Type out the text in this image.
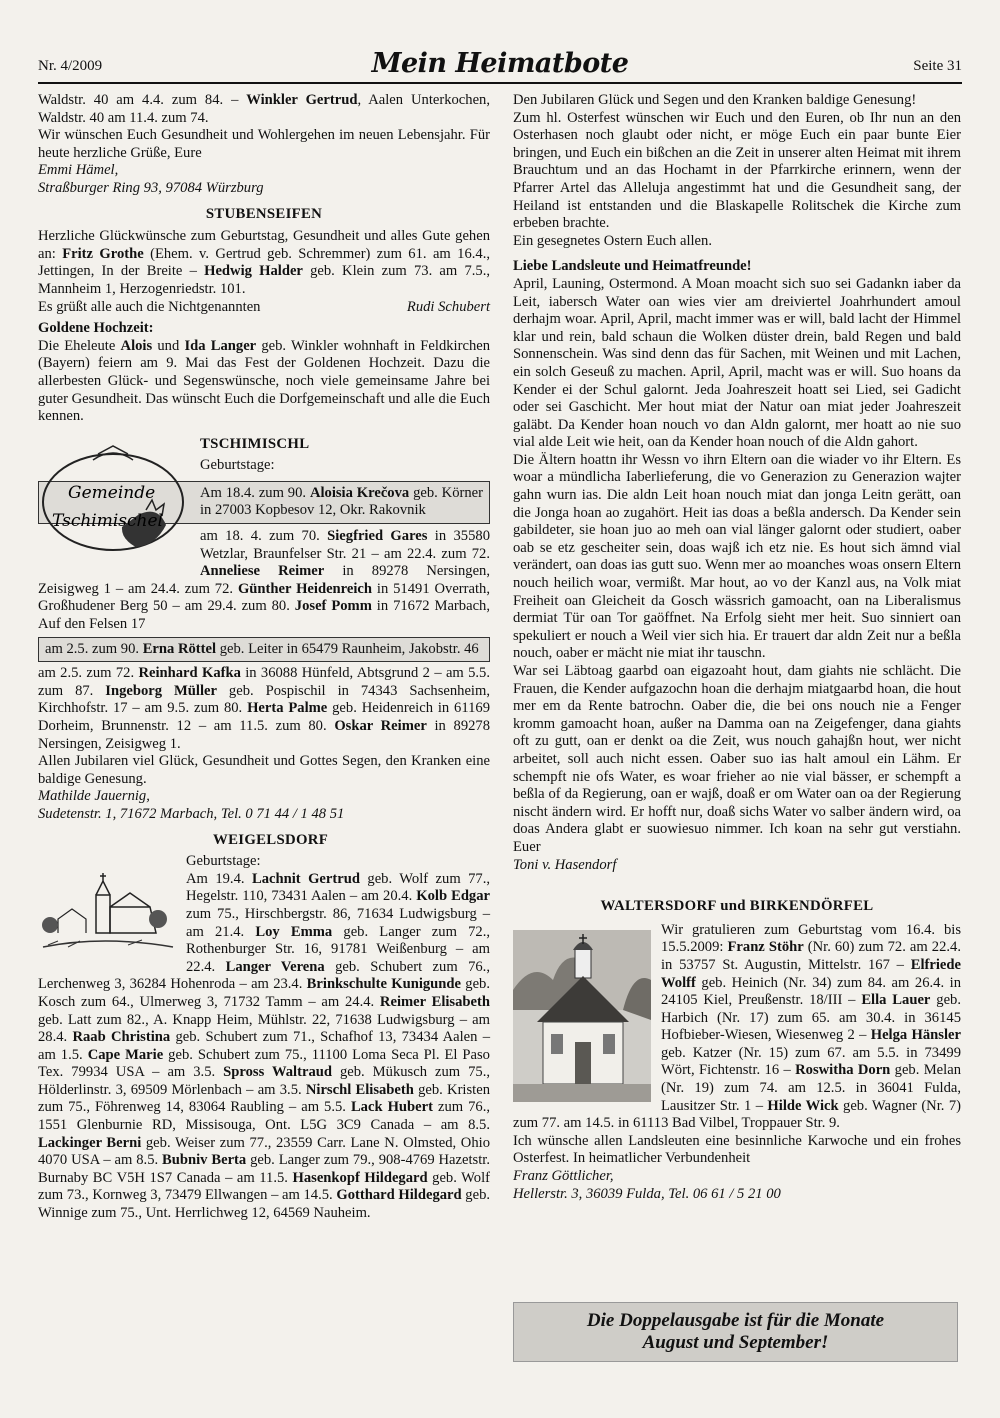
Nr. 4/2009	Mein Heimatbote	Seite 31

Waldstr. 40 am 4.4. zum 84. – Winkler Gertrud, Aalen Unterkochen, Waldstr. 40 am 11.4. zum 74.

Wir wünschen Euch Gesundheit und Wohlergehen im neuen Lebensjahr. Für heute herzliche Grüße, Eure

Emmi Hämel,

Straßburger Ring 93, 97084 Würzburg

STUBENSEIFEN

Herzliche Glückwünsche zum Geburtstag, Gesundheit und alles Gute gehen an: Fritz Grothe (Ehem. v. Gertrud geb. Schremmer) zum 61. am 16.4., Jettingen, In der Breite – Hedwig Halder geb. Klein zum 73. am 7.5., Mannheim 1, Herzogenriedstr. 101.

Es grüßt alle auch die Nichtgenannten	Rudi Schubert

Goldene Hochzeit:

Die Eheleute Alois und Ida Langer geb. Winkler wohnhaft in Feldkirchen (Bayern) feiern am 9. Mai das Fest der Goldenen Hochzeit. Dazu die allerbesten Glück- und Segenswünsche, noch viele gemeinsame Jahre bei guter Gesundheit. Das wünscht Euch die Dorfgemeinschaft und alle die Euch kennen.

Gemeinde
Tschimischel
TSCHIMISCHL

Geburtstage:

Am 18.4. zum 90. Aloisia Krečova geb. Körner in 27003 Kopbesov 12, Okr. Rakovnik

am 18. 4. zum 70. Siegfried Gares in 35580 Wetzlar, Braunfelser Str. 21 – am 22.4. zum 72. Anneliese Reimer in 89278 Nersingen, Zeisigweg 1 – am 24.4. zum 72. Günther Heidenreich in 51491 Overrath, Großhudener Berg 50 – am 29.4. zum 80. Josef Pomm in 71672 Marbach, Auf den Felsen 17

am 2.5. zum 90. Erna Röttel geb. Leiter in 65479 Raunheim, Jakobstr. 46

am 2.5. zum 72. Reinhard Kafka in 36088 Hünfeld, Abtsgrund 2 – am 5.5. zum 87. Ingeborg Müller geb. Pospischil in 74343 Sachsenheim, Kirchhofstr. 17 – am 9.5. zum 80. Herta Palme geb. Heidenreich in 61169 Dorheim, Brunnenstr. 12 – am 11.5. zum 80. Oskar Reimer in 89278 Nersingen, Zeisigweg 1.

Allen Jubilaren viel Glück, Gesundheit und Gottes Segen, den Kranken eine baldige Genesung.

Mathilde Jauernig,

Sudetenstr. 1, 71672 Marbach, Tel. 0 71 44 / 1 48 51

WEIGELSDORF

Geburtstage:

Am 19.4. Lachnit Gertrud geb. Wolf zum 77., Hegelstr. 110, 73431 Aalen – am 20.4. Kolb Edgar zum 75., Hirschbergstr. 86, 71634 Ludwigsburg – am 21.4. Loy Emma geb. Langer zum 72., Rothenburger Str. 16, 91781 Weißenburg – am 22.4. Langer Verena geb. Schubert zum 76., Lerchenweg 3, 36284 Hohenroda – am 23.4. Brinkschulte Kunigunde geb. Kosch zum 64., Ulmerweg 3, 71732 Tamm – am 24.4. Reimer Elisabeth geb. Latt zum 82., A. Knapp Heim, Mühlstr. 22, 71638 Ludwigsburg – am 28.4. Raab Christina geb. Schubert zum 71., Schafhof 13, 73434 Aalen – am 1.5. Cape Marie geb. Schubert zum 75., 11100 Loma Seca Pl. El Paso Tex. 79934 USA – am 3.5. Spross Waltraud geb. Mükusch zum 75., Hölderlinstr. 3, 69509 Mörlenbach – am 3.5. Nirschl Elisabeth geb. Kristen zum 75., Föhrenweg 14, 83064 Raubling – am 5.5. Lack Hubert zum 76., 1551 Glenburnie RD, Missisouga, Ont. L5G 3C9 Canada – am 8.5. Lackinger Berni geb. Weiser zum 77., 23559 Carr. Lane N. Olmsted, Ohio 4070 USA – am 8.5. Bubniv Berta geb. Langer zum 79., 908-4769 Hazetstr. Burnaby BC V5H 1S7 Canada – am 11.5. Hasenkopf Hildegard geb. Wolf zum 73., Kornweg 3, 73479 Ellwangen – am 14.5. Gotthard Hildegard geb. Winnige zum 75., Unt. Herrlichweg 12, 64569 Nauheim.

Den Jubilaren Glück und Segen und den Kranken baldige Genesung!

Zum hl. Osterfest wünschen wir Euch und den Euren, ob Ihr nun an den Osterhasen noch glaubt oder nicht, er möge Euch ein paar bunte Eier bringen, und Euch ein bißchen an die Zeit in unserer alten Heimat mit ihrem Brauchtum und an das Hochamt in der Pfarrkirche erinnern, wenn der Pfarrer Artel das Alleluja angestimmt hat und die Gesundheit sang, der Heiland ist entstanden und die Blaskapelle Rolitschek die Kirche zum erbeben brachte.

Ein gesegnetes Ostern Euch allen.

Liebe Landsleute und Heimatfreunde!

April, Launing, Ostermond. A Moan moacht sich suo sei Gadankn iaber da Leit, iabersch Water oan wies vier am dreiviertel Joahrhundert amoul derhajm woar. April, April, macht immer was er will, bald lacht der Himmel klar und rein, bald schaun die Wolken düster drein, bald Regen und bald Sonnenschein. Was sind denn das für Sachen, mit Weinen und mit Lachen, ein solch Geseuß zu machen. April, April, macht was er will. Suo hoans da Kender ei der Schul galornt. Jeda Joahreszeit hoatt sei Lied, sei Gadicht oder sei Gaschicht. Mer hout miat der Natur oan miat jeder Joahreszeit galäbt. Da Kender hoan nouch vo dan Aldn galornt, mer hoatt ao nie suo vial alde Leit wie heit, oan da Kender hoan nouch of die Aldn gahort.

Die Ältern hoattn ihr Wessn vo ihrn Eltern oan die wiader vo ihr Eltern. Es woar a mündlicha Iaberlieferung, die vo Generazion zu Generazion wajter gahn wurn ias. Die aldn Leit hoan nouch miat dan jonga Leitn gerätt, oan die Jonga hoan ao zugahört. Heit ias doas a beßla andersch. Da Kender sein gabildeter, sie hoan juo ao meh oan vial länger galornt oder studiert, oaber oab se etz gescheiter sein, doas wajß ich etz nie. Es hout sich ämnd vial verändert, oan doas ias gutt suo. Wenn mer ao moanches woas onsern Eltern nouch heilich woar, vermißt. Mar hout, ao vo der Kanzl aus, na Volk miat Freiheit oan Gleicheit da Gosch wässrich gamoacht, oan na Liberalismus dermiat Tür oan Tor gaöffnet. Na Erfolg sieht mer heit. Suo sinniert oan spekuliert er nouch a Weil vier sich hia. Er trauert dar aldn Zeit nur a beßla nouch, oaber er mächt nie miat ihr tauschn.

War sei Läbtoag gaarbd oan eigazoaht hout, dam giahts nie schlächt. Die Frauen, die Kender aufgazochn hoan die derhajm miatgaarbd hoan, die hout mer em da Rente batrochn. Oaber die, die bei ons nouch nie a Fenger kromm gamoacht hoan, außer na Damma oan na Zeigefenger, dana giahts oft zu gutt, oan er denkt oa die Zeit, wus nouch gahajßn hout, wer nicht arbeitet, soll auch nicht essen. Oaber suo ias halt amoul ein Lähm. Er schempft nie ofs Water, es woar frieher ao nie vial bässer, er schempft a beßla of da Regierung, oan er wajß, doaß er om Water oan oa der Regierung nischt ändern wird. Er hofft nur, doaß sichs Water vo salber ändern wird, oa doas Andera glabt er suowiesuo nimmer. Ich koan na sehr gut verstiahn. Euer

Toni v. Hasendorf

WALTERSDORF und BIRKENDÖRFEL

Wir gratulieren zum Geburtstag vom 16.4. bis 15.5.2009: Franz Stöhr (Nr. 60) zum 72. am 22.4. in 53757 St. Augustin, Mittelstr. 167 – Elfriede Wolff geb. Heinich (Nr. 34) zum 84. am 26.4. in 24105 Kiel, Preußenstr. 18/III – Ella Lauer geb. Harbich (Nr. 17) zum 65. am 30.4. in 36145 Hofbieber-Wiesen, Wiesenweg 2 – Helga Hänsler geb. Katzer (Nr. 15) zum 67. am 5.5. in 73499 Wört, Fichtenstr. 16 – Roswitha Dorn geb. Melan (Nr. 19) zum 74. am 12.5. in 36041 Fulda, Lausitzer Str. 1 – Hilde Wick geb. Wagner (Nr. 7) zum 77. am 14.5. in 61113 Bad Vilbel, Troppauer Str. 9.

Ich wünsche allen Landsleuten eine besinnliche Karwoche und ein frohes Osterfest. In heimatlicher Verbundenheit

Franz Göttlicher,

Hellerstr. 3, 36039 Fulda, Tel. 06 61 / 5 21 00

Die Doppelausgabe ist für die Monate
August und September!
